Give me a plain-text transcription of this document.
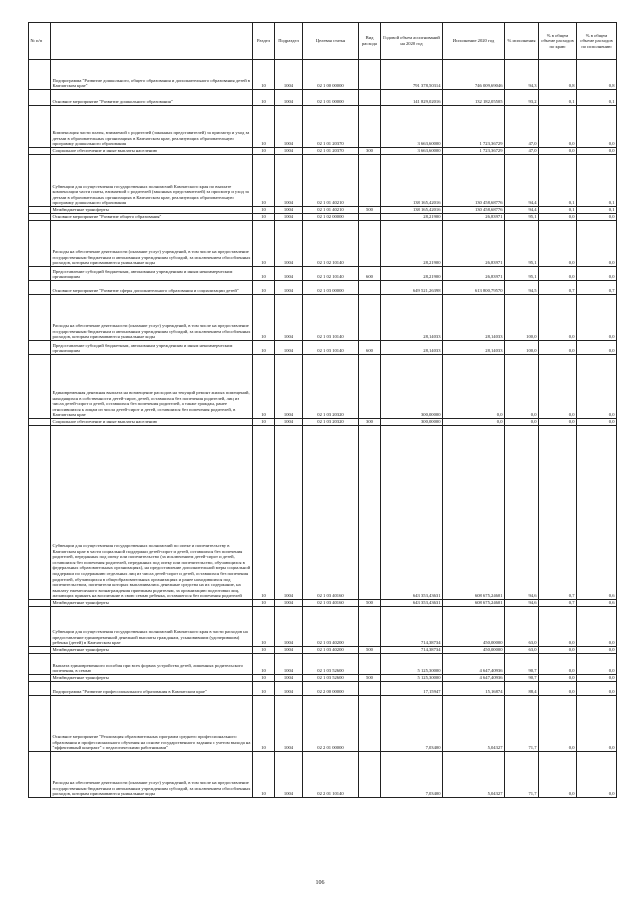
№ п/п		Раздел	Подраздел	Целевая статья	Вид расхода	Годовой объем ассигнований на 2020 год	Исполнение 2020 год	% исполнения	% в общем объеме расходов по краю	% в общем объеме расходов по исполнению
	Подпрограмма "Развитие дошкольного, общего образования и дополнительного образования детей в Камчатском крае"	10	1004	02 1 00 00000		791 378,50314	746 009,69046	94,3	0,8	0,8
	Основное мероприятие "Развитие дошкольного образования"	10	1004	02 1 01 00000		141 829,02016	132 182,05505	93,2	0,1	0,1
	Компенсация части платы, взимаемой с родителей (законных представителей) за присмотр и уход за детьми в образовательных организациях в Камчатском крае, реализующих образовательную программу дошкольного образования	10	1004	02 1 01 20370		3 663,60000	1 723,36729	47,0	0,0	0,0
	Социальное обеспечение и иные выплаты населению	10	1004	02 1 01 20370	300	3 663,60000	1 723,36729	47,0	0,0	0,0
	Субвенции для осуществления государственных полномочий Камчатского края по выплате компенсации части платы, взимаемой с родителей (законных представителей) за присмотр и уход за детьми в образовательных организациях в Камчатском крае, реализующих образовательную программу дошкольного образования	10	1004	02 1 01 40210		138 165,42016	130 458,68776	94,4	0,1	0,1
	Межбюджетные трансферты	10	1004	02 1 01 40210	500	138 165,42016	130 458,68776	94,4	0,1	0,1
	Основное мероприятие "Развитие общего образования"	10	1004	02 1 02 00000		28,21900	26,83971	95,1	0,0	0,0
	Расходы на обеспечение деятельности (оказание услуг) учреждений, в том числе на предоставление государственным бюджетным и автономным учреждениям субсидий, за исключением обособленных расходов, которым присваиваются уникальные коды	10	1004	02 1 02 10140		28,21900	26,83971	95,1	0,0	0,0
	Предоставление субсидий бюджетным, автономным учреждениям и иным некоммерческим организациям	10	1004	02 1 02 10140	600	28,21900	26,83971	95,1	0,0	0,0
	Основное мероприятие "Развитие сферы дополнительного образования и социализации детей"	10	1004	02 1 03 00000		649 521,26398	613 800,79570	94,5	0,7	0,7
	Расходы на обеспечение деятельности (оказание услуг) учреждений, в том числе на предоставление государственным бюджетным и автономным учреждениям субсидий, за исключением обособленных расходов, которым присваиваются уникальные коды	10	1004	02 1 03 10140		28,14033	28,14033	100,0	0,0	0,0
	Предоставление субсидий бюджетным, автономным учреждениям и иным некоммерческим организациям	10	1004	02 1 03 10140	600	28,14033	28,14033	100,0	0,0	0,0
	Единовременная денежная выплата на возмещение расходов на текущий ремонт жилых помещений, находящихся в собственности детей-сирот, детей, оставшихся без попечения родителей, лиц из числа детей-сирот и детей, оставшихся без попечения родителей, а также граждан, ранее относившихся к лицам из числа детей-сирот и детей, оставшихся без попечения родителей, в Камчатском крае	10	1004	02 1 03 20320		300,00000	0,0	0,0	0,0	0,0
	Социальное обеспечение и иные выплаты населению	10	1004	02 1 03 20320	300	300,00000	0,0	0,0	0,0	0,0
	Субвенции для осуществления государственных полномочий по опеке и попечительству в Камчатском крае в части социальной поддержки детей-сирот и детей, оставшихся без попечения родителей, переданных под опеку или попечительство (за исключением детей-сирот и детей, оставшихся без попечения родителей, переданных под опеку или попечительство, обучающихся в федеральных образовательных организациях), на предоставление дополнительной меры социальной поддержки по содержанию отдельных лиц из числа детей-сирот и детей, оставшихся без попечения родителей, обучающихся в общеобразовательных организациях и ранее находившихся под попечительством, попечители которых выплачивались денежные средства на их содержание, на выплату ежемесячного вознаграждения приемным родителям, за организацию подготовки лиц, желающих принять на воспитание в свою семью ребенка, оставшегося без попечения родителей	10	1004	02 1 03 40160		643 353,43631	608 675,24601	94,6	0,7	0,6
	Межбюджетные трансферты	10	1004	02 1 03 40160	500	643 353,43631	608 675,24601	94,6	0,7	0,6
	Субвенции для осуществления государственных полномочий Камчатского края в части расходов на предоставление единовременной денежной выплаты гражданам, усыновившим (удочерившим) ребенка (детей) в Камчатском крае	10	1004	02 1 03 40200		714,38734	450,00000	63,0	0,0	0,0
	Межбюджетные трансферты	10	1004	02 1 03 40200	500	714,38734	450,00000	63,0	0,0	0,0
	Выплата единовременного пособия при всех формах устройства детей, лишенных родительского попечения, в семью	10	1004	02 1 03 52600		5 125,30000	4 647,40936	90,7	0,0	0,0
	Межбюджетные трансферты	10	1004	02 1 03 52600	500	5 125,30000	4 647,40936	90,7	0,0	0,0
	Подпрограмма "Развитие профессионального образования в Камчатском крае"	10	1004	02 2 00 00000		17,15947	15,16874	88,4	0,0	0,0
	Основное мероприятие "Реализация образовательных программ среднего профессионального образования и профессионального обучения на основе государственного задания с учетом выхода на "эффективный контракт" с педагогическими работниками"	10	1004	02 2 01 00000		7,03400	5,04327	71,7	0,0	0,0
	Расходы на обеспечение деятельности (оказание услуг) учреждений, в том числе на предоставление государственным бюджетным и автономным учреждениям субсидий, за исключением обособленных расходов, которым присваиваются уникальные коды	10	1004	02 2 01 10140		7,03400	5,04327	71,7	0,0	0,0
106
